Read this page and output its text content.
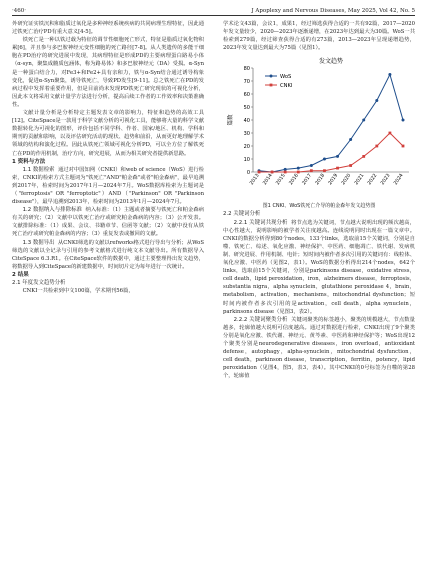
·460·	J Apoplexy and Nervous Diseases, May 2025, Vol 42, No. 5

外研究证实铁沉积和脂质过氧化是多种神经系统疾病的共同病理生理特征，因此通过铁死亡治疗PD有重大意义[4-5]。

铁死亡是一种以铁过载为特征的调节性细胞死亡形式，特征是脂质过氧化物积累[6]，并且参与多巴胺神经元变性细胞的死亡路径[7-8]。从人类遗传的多能干细胞在PD治疗的研究进展中发现，其病理特征是形成PD的主要病理蛋白路易小体（α-syn，聚集成髓质包涵体，称为路易体）和多巴胺神经元（DA）受损。α-Syn是一种蛋白结合力，对Fe3+和Fe2+具有亲和力，铁与α-Syn结合通过诱导构象变化，促进α-Syn聚集，诱导铁死亡，导致PD发生[9-11]。总之铁死亡在PD的发病过程中发挥着重要作用，但是目前尚未发现PD铁死亡研究现状的可视化分析，因此本文将采用文献计量学方法进行分析，提高后续工作者的工作效率和决策准确性。

文献计量分析是分析特定主题发表文章的影响力，特征和趋势的高效工具[12]。CiteSpace是一款用于科学文献分析的可视化工具，能够将大量的科学文献数据转化为可视化的图形，评价包括不同学科、作者、国家/地区、机构、学科和期刊的贡献和影响，以及评估研究活动的现状、趋势和前沿，从而更好地理解学术领域的结构和演化过程。因此从铁死亡领域可视化分析PD，可以全方位了解铁死亡在PD的作用机制，治疗方向，研究进展，从而为相关研究者提供新思路。

1 资料与方法

1.1 数据检索 通过对中国知网（CNKI）和web of science（WoS）进行检索，CNKI的检索方式主题词为"铁死亡"AND"帕金森"或者"帕金森病"，最早追溯到2017年，检索时间为2017年1月—2024年7月。WoS数据库检索为主题词是（"ferroptosis" OR "ferroptotic"）AND（"Parkinson" OR "Parkinson disease"），最早追溯到2013年，检索时间为2013年1月—2024年7月。

1.2 数据纳入与排除标准 纳入标准：（1）主题或者摘要与铁死亡和帕金森病有关的研究；（2）文献中以铁死亡治疗或研究帕金森病的内容；（3）公开发表。文献排除标准：（1）成果、会议、书籍章节、信函等文献；（2）文献中没有从铁死亡治疗或研究帕金森病的内容；（3）重复发表或撤回的文献。

1.3 数据导出 从CNKI筛选的文献以refworks格式进行导出与分析；从WoS筛选的文献以全记录与引用的参考文献格式进行纯文本文献导出。所有数据导入CiteSpace 6.3.R1。在CiteSpace软件的数据中，通过主要整理得出发文趋势，将数据导入到CiteSpace的新建数据中，时间切片定为每年进行一次统计。

2 结果

2.1 年度发文趋势分析

CNKI一共检索到中文100篇，学术期刊56篇，

学术论文43篇，会议1，成果1，经过筛选获得合适的一共有92篇，2017—2020年发文量较少，2020—2023年逐渐递增，在2023年达到最大为30篇。WoS一共检索到279篇，经过筛查获得合适的有273篇，2013—2023年呈现递增趋势，2023年发文量达到最大为75篇（见图1）。

发文趋势
0
10
20
30
40
50
60
70
80
篇数
2013 2014 2015 2016 2017 2018 2019 2020 2021 2022 2023 2024
WoS
CNKI

图1 CNKI、WoS铁死亡介导的帕金森年发文趋势图

2.2 关键词分析

2.2.1 关键词共现分析 将节点选为关键词，节点越大说明出现的频次越高，中心性越大，说明影响的被学者关注度越高。连线说明同时出现在一篇文章中。CNKI的数据分析得到80个nodes，133个links，选取前15个关键词，分别是自噬、铁死亡、综述、氧化应激、神经保护、中医药、细胞凋亡、铁代谢、发病机制、研究进展、作用机制、电针；短时间内被作者多次引用的关键词有：线粒体、氧化应激、中医药（见图2，表1）。WoS的数据分析得出214个nodes，642个links，选取前15个关键词，分别是parkinsons disease，oxidative stress，cell death，lipid peroxidation，iron，alzheimers disease，ferroptosis，substantia nigra，alpha synuclein，glutathione peroxidase 4，brain，metabolism，activation，mechanisms，mitochondrial dysfunction；短时间内被作者多次引用的是activation，cell death，alpha synuclein，parkinsons disease（见图3，表2）。

2.2.2 关键词聚类分析 关键词聚类的标签越小，聚类的规模越大，节点数量越多，轮廓值越大说明可信度越高。通过对数据进行检索，CNKI出现了9个聚类分别是氧化应激、铁代谢、神经元、黄芩素、中医药和神经保护等；WoS出现12个聚类分别是neurodegenerative diseases，iron overload，antioxidant defense，autophagy，alpha-synuclein，mitochondrial dysfunction，cell death，parkinson disease，transcription，ferritin，potency，lipid peroxidation（见图4，图5，表3，表4）。其中CNKI的0号标签为自噬的第28个，轮廓值
